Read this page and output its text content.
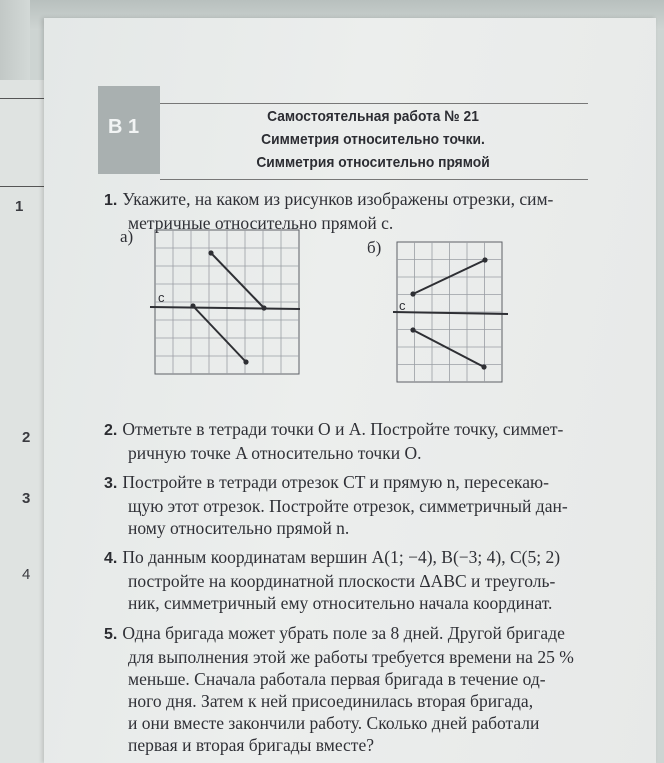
1
2
3
4
В 1	Самостоятельная работа № 21
Симметрия относительно точки.
Симметрия относительно прямой
1. Укажите, на каком из рисунков изображены отрезки, сим-
метричные относительно прямой c.
а)
б)
c
c
2. Отметьте в тетради точки O и A. Постройте точку, симмет-
ричную точке A относительно точки O.
3. Постройте в тетради отрезок CT и прямую n, пересекаю-
щую этот отрезок. Постройте отрезок, симметричный дан-
ному относительно прямой n.
4. По данным координатам вершин A(1; −4), B(−3; 4), C(5; 2)
постройте на координатной плоскости ΔABC и треуголь-
ник, симметричный ему относительно начала координат.
5. Одна бригада может убрать поле за 8 дней. Другой бригаде
для выполнения этой же работы требуется времени на 25 %
меньше. Сначала работала первая бригада в течение од-
ного дня. Затем к ней присоединилась вторая бригада,
и они вместе закончили работу. Сколько дней работали
первая и вторая бригады вместе?
